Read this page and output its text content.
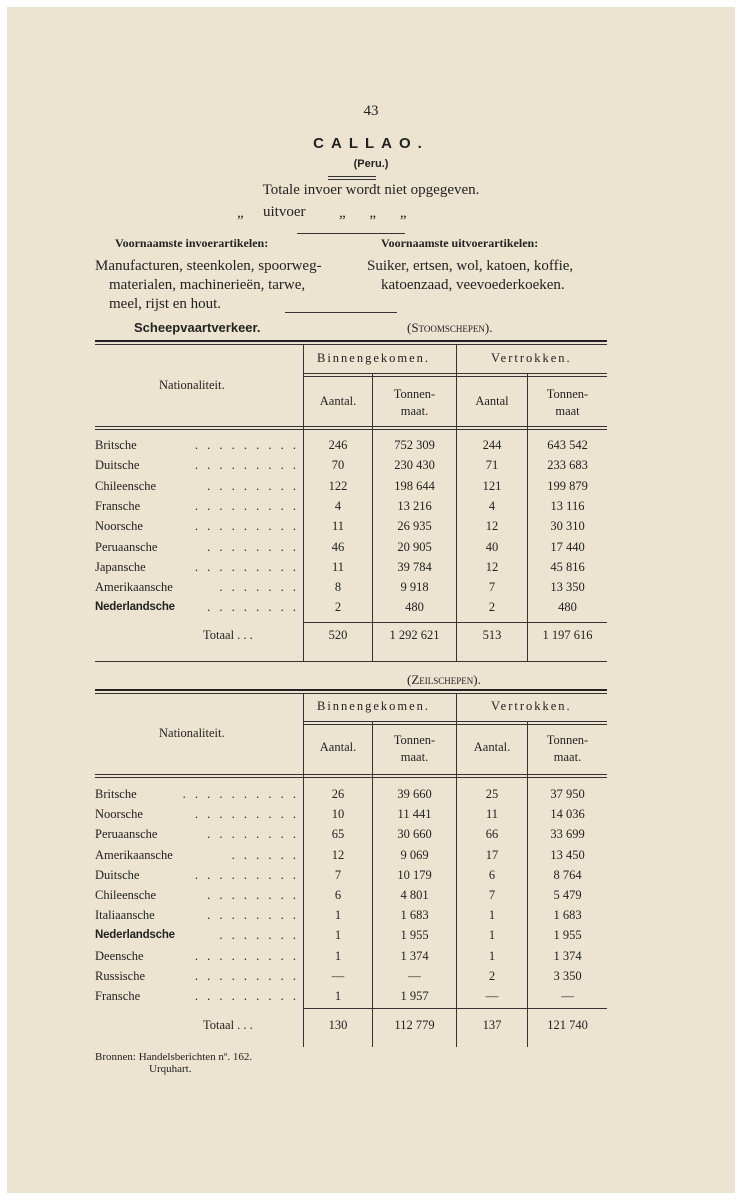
43
CALLAO.
(Peru.)
Totale invoer wordt niet opgegeven.
„ uitvoer „ „ „
Voornaamste invoerartikelen:
Manufacturen, steenkolen, spoorweg-
materialen, machinerieën, tarwe,
meel, rijst en hout.
Voornaamste uitvoerartikelen:
Suiker, ertsen, wol, katoen, koffie,
katoenzaad, veevoederkoeken.
Scheepvaartverkeer.	(Stoomschepen).
Binnengekomen.	Vertrokken.
Nationaliteit.
Aantal.	Tonnen-
maat.
Aantal	Tonnen-
maat
Britsche	. . . . . . . . .	246	752 309	244	643 542
Duitsche	. . . . . . . . .	70	230 430	71	233 683
Chileensche	. . . . . . . .	122	198 644	121	199 879
Fransche	. . . . . . . . .	4	13 216	4	13 116
Noorsche	. . . . . . . . .	11	26 935	12	30 310
Peruaansche	. . . . . . . .	46	20 905	40	17 440
Japansche	. . . . . . . . .	11	39 784	12	45 816
Amerikaansche	. . . . . . .	8	9 918	7	13 350
Nederlandsche	. . . . . . . .	2	480	2	480
Totaal . . .	520	1 292 621	513	1 197 616
(Zeilschepen).
Binnengekomen.	Vertrokken.
Nationaliteit.
Aantal.	Tonnen-
maat.
Aantal.	Tonnen-
maat.
Britsche	. . . . . . . . . .	26	39 660	25	37 950
Noorsche	. . . . . . . . .	10	11 441	11	14 036
Peruaansche	. . . . . . . .	65	30 660	66	33 699
Amerikaansche	. . . . . .	12	9 069	17	13 450
Duitsche	. . . . . . . . .	7	10 179	6	8 764
Chileensche	. . . . . . . .	6	4 801	7	5 479
Italiaansche	. . . . . . . .	1	1 683	1	1 683
Nederlandsche	. . . . . . .	1	1 955	1	1 955
Deensche	. . . . . . . . .	1	1 374	1	1 374
Russische	. . . . . . . . .	—	—	2	3 350
Fransche	. . . . . . . . .	1	1 957	—	—
Totaal . . .	130	112 779	137	121 740
Bronnen: Handelsberichten nº. 162.
Urquhart.
